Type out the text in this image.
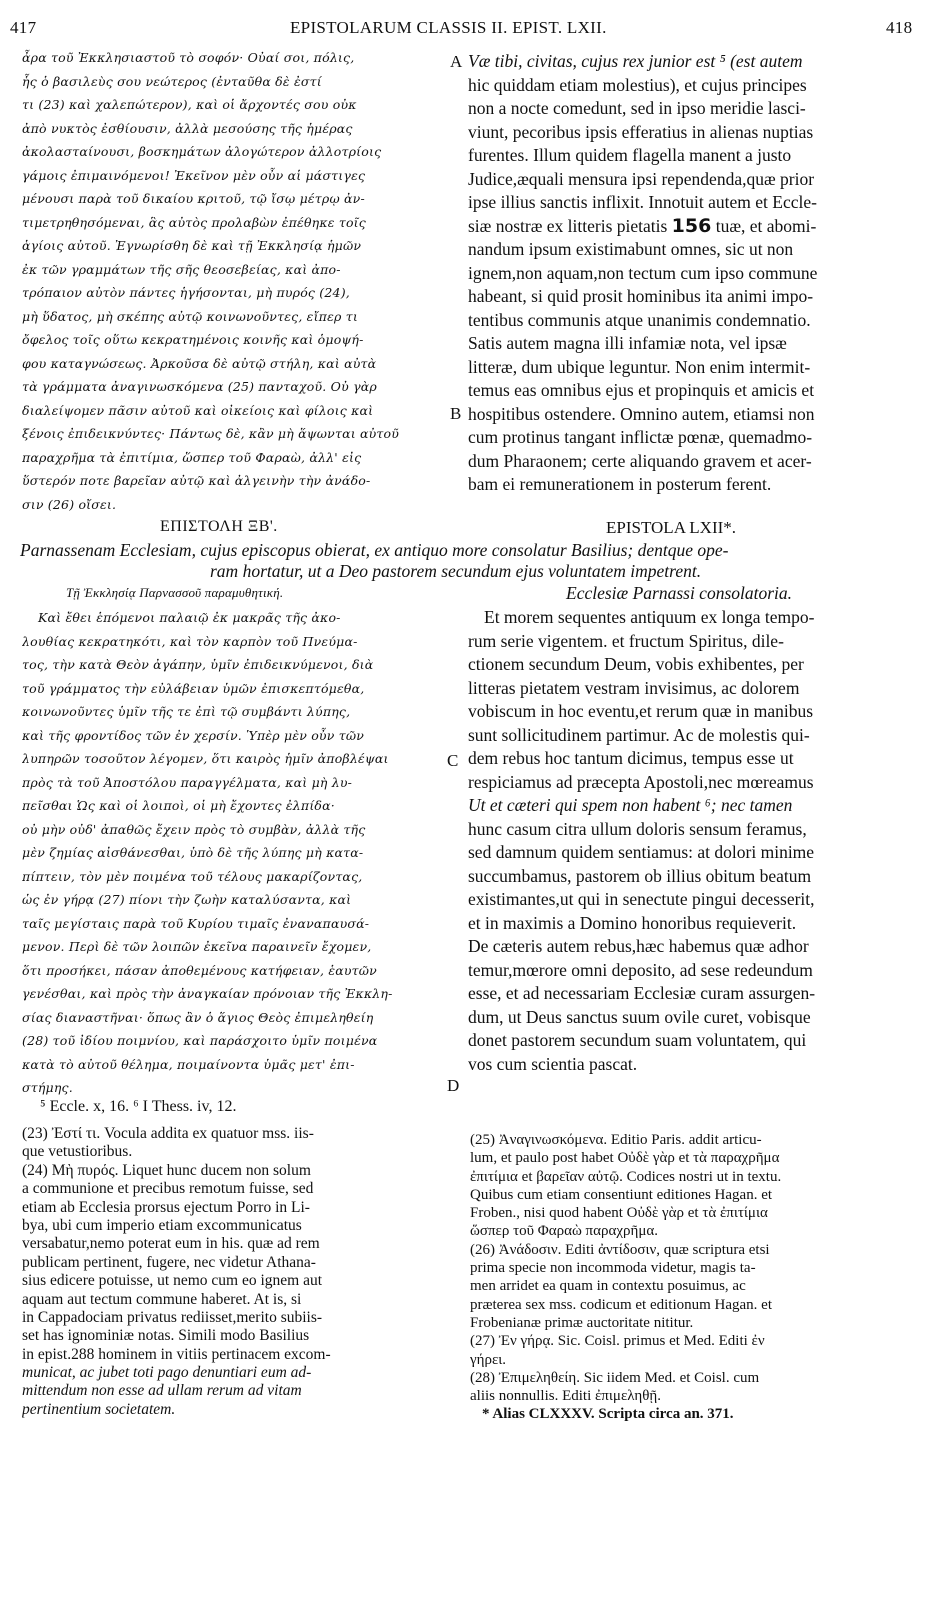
417	EPISTOLARUM CLASSIS II. EPIST. LXII.	418
A
B
C
D
ἆρα τοῦ Ἐκκλησιαστοῦ τὸ σοφόν· Οὐαί σοι, πόλις,
ἧς ὁ βασιλεὺς σου νεώτερος (ἐνταῦθα δὲ ἐστί
τι (23) καὶ χαλεπώτερον), καὶ οἱ ἄρχοντές σου οὐκ
ἀπὸ νυκτὸς ἐσθίουσιν, ἀλλὰ μεσούσης τῆς ἡμέρας
ἀκολασταίνουσι, βοσκημάτων ἀλογώτερον ἀλλοτρίοις
γάμοις ἐπιμαινόμενοι! Ἐκεῖνον μὲν οὖν αἱ μάστιγες
μένουσι παρὰ τοῦ δικαίου κριτοῦ, τῷ ἴσῳ μέτρῳ ἀν-
τιμετρηθησόμεναι, ἃς αὐτὸς προλαβὼν ἐπέθηκε τοῖς
ἁγίοις αὐτοῦ. Ἐγνωρίσθη δὲ καὶ τῇ Ἐκκλησίᾳ ἡμῶν
ἐκ τῶν γραμμάτων τῆς σῆς θεοσεβείας, καὶ ἀπο-
τρόπαιον αὐτὸν πάντες ἡγήσονται, μὴ πυρός (24),
μὴ ὕδατος, μὴ σκέπης αὐτῷ κοινωνοῦντες, εἴπερ τι
ὄφελος τοῖς οὕτω κεκρατημένοις κοινῆς καὶ ὁμοψή-
φου καταγνώσεως. Ἀρκοῦσα δὲ αὐτῷ στήλη, καὶ αὐτὰ
τὰ γράμματα ἀναγινωσκόμενα (25) πανταχοῦ. Οὐ γὰρ
διαλείψομεν πᾶσιν αὐτοῦ καὶ οἰκείοις καὶ φίλοις καὶ
ξένοις ἐπιδεικνύντες· Πάντως δὲ, κἂν μὴ ἅψωνται αὐτοῦ
παραχρῆμα τὰ ἐπιτίμια, ὥσπερ τοῦ Φαραὼ, ἀλλ' εἰς
ὕστερόν ποτε βαρεῖαν αὐτῷ καὶ ἀλγεινὴν τὴν ἀνάδο-
σιν (26) οἴσει.
Væ tibi, civitas, cujus rex junior est ⁵ (est autem
hic quiddam etiam molestius), et cujus principes
non a nocte comedunt, sed in ipso meridie lasci-
viunt, pecoribus ipsis efferatius in alienas nuptias
furentes. Illum quidem flagella manent a justo
Judice,æquali mensura ipsi rependenda,quæ prior
ipse illius sanctis inflixit. Innotuit autem et Eccle-
siæ nostræ ex litteris pietatis 156 tuæ, et abomi-
nandum ipsum existimabunt omnes, sic ut non
ignem,non aquam,non tectum cum ipso commune
habeant, si quid prosit hominibus ita animi impo-
tentibus communis atque unanimis condemnatio.
Satis autem magna illi infamiæ nota, vel ipsæ
litteræ, dum ubique leguntur. Non enim intermit-
temus eas omnibus ejus et propinquis et amicis et
hospitibus ostendere. Omnino autem, etiamsi non
cum protinus tangant inflictæ pœnæ, quemadmo-
dum Pharaonem; certe aliquando gravem et acer-
bam ei remunerationem in posterum ferent.
ΕΠΙΣΤΟΛΗ ΞΒ'.	EPISTOLA LXII*.
Parnassenam Ecclesiam, cujus episcopus obierat, ex antiquo more consolatur Basilius; dentque ope-
ram hortatur, ut a Deo pastorem secundum ejus voluntatem impetrent.
Τῇ Ἐκκλησίᾳ Παρνασσοῦ παραμυθητική.	Ecclesiæ Parnassi consolatoria.
Καὶ ἔθει ἑπόμενοι παλαιῷ ἐκ μακρᾶς τῆς ἀκο-
λουθίας κεκρατηκότι, καὶ τὸν καρπὸν τοῦ Πνεύμα-
τος, τὴν κατὰ Θεὸν ἀγάπην, ὑμῖν ἐπιδεικνύμενοι, διὰ
τοῦ γράμματος τὴν εὐλάβειαν ὑμῶν ἐπισκεπτόμεθα,
κοινωνοῦντες ὑμῖν τῆς τε ἐπὶ τῷ συμβάντι λύπης,
καὶ τῆς φροντίδος τῶν ἐν χερσίν. Ὑπὲρ μὲν οὖν τῶν
λυπηρῶν τοσοῦτον λέγομεν, ὅτι καιρὸς ἡμῖν ἀποβλέψαι
πρὸς τὰ τοῦ Ἀποστόλου παραγγέλματα, καὶ μὴ λυ-
πεῖσθαι Ὡς καὶ οἱ λοιποὶ, οἱ μὴ ἔχοντες ἐλπίδα·
οὐ μὴν οὐδ' ἀπαθῶς ἔχειν πρὸς τὸ συμβὰν, ἀλλὰ τῆς
μὲν ζημίας αἰσθάνεσθαι, ὑπὸ δὲ τῆς λύπης μὴ κατα-
πίπτειν, τὸν μὲν ποιμένα τοῦ τέλους μακαρίζοντας,
ὡς ἐν γήρᾳ (27) πίονι τὴν ζωὴν καταλύσαντα, καὶ
ταῖς μεγίσταις παρὰ τοῦ Κυρίου τιμαῖς ἐναναπαυσά-
μενον. Περὶ δὲ τῶν λοιπῶν ἐκεῖνα παραινεῖν ἔχομεν,
ὅτι προσήκει, πάσαν ἀποθεμένους κατήφειαν, ἑαυτῶν
γενέσθαι, καὶ πρὸς τὴν ἀναγκαίαν πρόνοιαν τῆς Ἐκκλη-
σίας διαναστῆναι· ὅπως ἂν ὁ ἅγιος Θεὸς ἐπιμεληθείη
(28) τοῦ ἰδίου ποιμνίου, καὶ παράσχοιτο ὑμῖν ποιμένα
κατὰ τὸ αὐτοῦ θέλημα, ποιμαίνοντα ὑμᾶς μετ' ἐπι-
στήμης.
Et morem sequentes antiquum ex longa tempo-
rum serie vigentem. et fructum Spiritus, dile-
ctionem secundum Deum, vobis exhibentes, per
litteras pietatem vestram invisimus, ac dolorem
vobiscum in hoc eventu,et rerum quæ in manibus
sunt sollicitudinem partimur. Ac de molestis qui-
dem rebus hoc tantum dicimus, tempus esse ut
respiciamus ad præcepta Apostoli,nec mœreamus
Ut et cæteri qui spem non habent ⁶; nec tamen
hunc casum citra ullum doloris sensum feramus,
sed damnum quidem sentiamus: at dolori minime
succumbamus, pastorem ob illius obitum beatum
existimantes,ut qui in senectute pingui decesserit,
et in maximis a Domino honoribus requieverit.
De cæteris autem rebus,hæc habemus quæ adhor
temur,mœrore omni deposito, ad sese redeundum
esse, et ad necessariam Ecclesiæ curam assurgen-
dum, ut Deus sanctus suum ovile curet, vobisque
donet pastorem secundum suam voluntatem, qui
vos cum scientia pascat.
⁵ Eccle. x, 16. ⁶ I Thess. iv, 12.
(23) Ἐστί τι. Vocula addita ex quatuor mss. iis-
que vetustioribus.
(24) Μὴ πυρός. Liquet hunc ducem non solum
a communione et precibus remotum fuisse, sed
etiam ab Ecclesia prorsus ejectum Porro in Li-
bya, ubi cum imperio etiam excommunicatus
versabatur,nemo poterat eum in his. quæ ad rem
publicam pertinent, fugere, nec videtur Athana-
sius edicere potuisse, ut nemo cum eo ignem aut
aquam aut tectum commune haberet. At is, si
in Cappadociam privatus rediisset,merito subiis-
set has ignominiæ notas. Simili modo Basilius
in epist.288 hominem in vitiis pertinacem excom-
municat, ac jubet toti pago denuntiari eum ad-
mittendum non esse ad ullam rerum ad vitam
pertinentium societatem.
(25) Ἀναγινωσκόμενα. Editio Paris. addit articu-
lum, et paulo post habet Οὐδὲ γὰρ et τὰ παραχρῆμα
ἐπιτίμια et βαρεῖαν αὐτῷ. Codices nostri ut in textu.
Quibus cum etiam consentiunt editiones Hagan. et
Froben., nisi quod habent Οὐδὲ γὰρ et τὰ ἐπιτίμια
ὥσπερ τοῦ Φαραὼ παραχρῆμα.
(26) Ἀνάδοσιν. Editi ἀντίδοσιν, quæ scriptura etsi
prima specie non incommoda videtur, magis ta-
men arridet ea quam in contextu posuimus, ac
præterea sex mss. codicum et editionum Hagan. et
Frobenianæ primæ auctoritate nititur.
(27) Ἐν γήρᾳ. Sic. Coisl. primus et Med. Editi ἐν
γήρει.
(28) Ἐπιμεληθείη. Sic iidem Med. et Coisl. cum
aliis nonnullis. Editi ἐπιμεληθῇ.
* Alias CLXXXV. Scripta circa an. 371.
